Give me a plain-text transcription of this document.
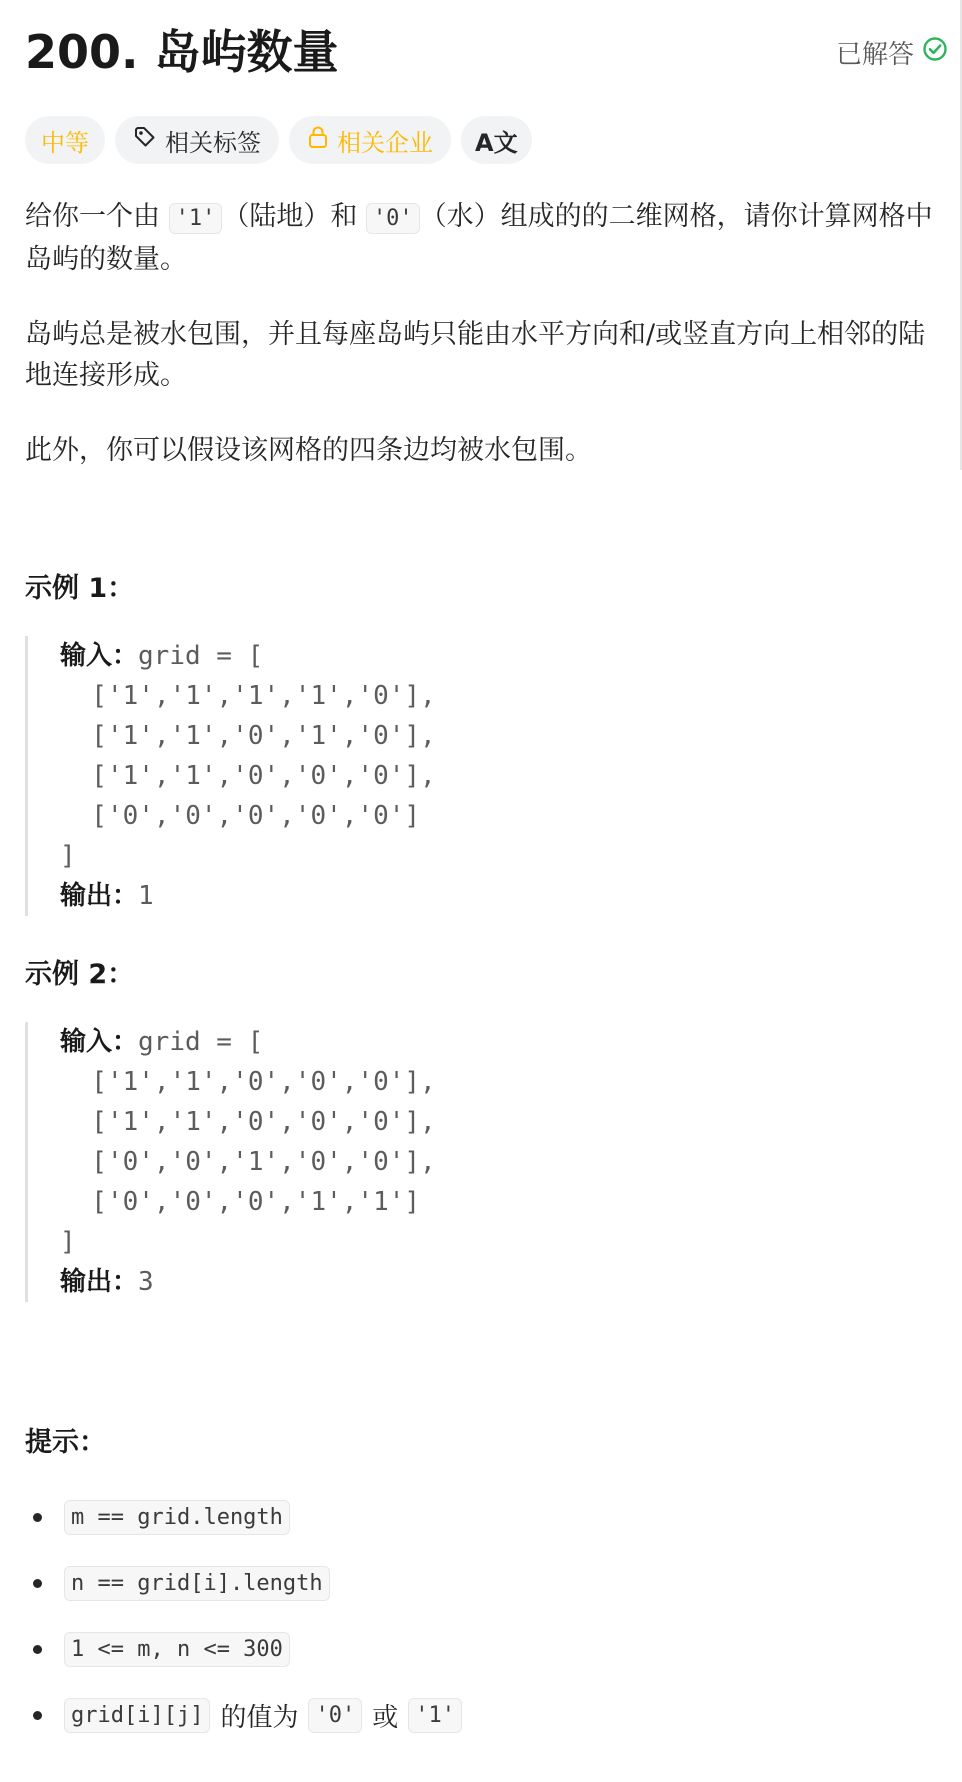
200. 岛屿数量	已解答
中等	相关标签	相关企业 A文

给你一个由 '1' （陆地）和 '0' （水）组成的的二维网格，请你计算网格中岛屿的数量。

岛屿总是被水包围，并且每座岛屿只能由水平方向和/或竖直方向上相邻的陆地连接形成。

此外，你可以假设该网格的四条边均被水包围。

示例 1：
输入：grid = [
['1','1','1','1','0'],
['1','1','0','1','0'],
['1','1','0','0','0'],
['0','0','0','0','0']
]
输出：1
示例 2：
输入：grid = [
['1','1','0','0','0'],
['1','1','0','0','0'],
['0','0','1','0','0'],
['0','0','0','1','1']
]
输出：3
提示：
m == grid.length
n == grid[i].length
1 <= m, n <= 300
grid[i][j] 的值为 '0' 或 '1'
